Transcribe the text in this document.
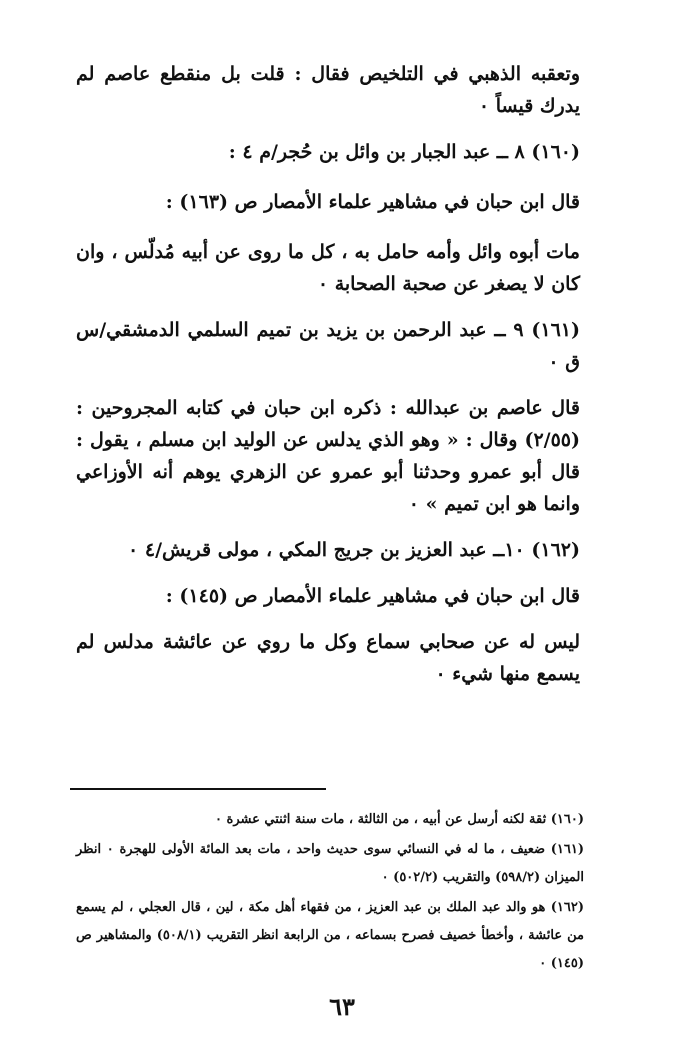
وتعقبه الذهبي في التلخيص فقال : قلت بل منقطع عاصم لم يدرك قيساً ٠

(١٦٠) ٨ ــ عبد الجبار بن وائل بن حُجر/م ٤ :

قال ابن حبان في مشاهير علماء الأمصار ص (١٦٣) :

مات أبوه وائل وأمه حامل به ، كل ما روى عن أبيه مُدلّس ، وان كان لا يصغر عن صحبة الصحابة ٠

(١٦١) ٩ ــ عبد الرحمن بن يزيد بن تميم السلمي الدمشقي/س ق ٠

قال عاصم بن عبدالله : ذكره ابن حبان في كتابه المجروحين : (٢/٥٥) وقال : « وهو الذي يدلس عن الوليد ابن مسلم ، يقول : قال أبو عمرو وحدثنا أبو عمرو عن الزهري يوهم أنه الأوزاعي وانما هو ابن تميم » ٠

(١٦٢) ١٠ــ عبد العزيز بن جريج المكي ، مولى قريش/٤ ٠

قال ابن حبان في مشاهير علماء الأمصار ص (١٤٥) :

ليس له عن صحابي سماع وكل ما روي عن عائشة مدلس لم يسمع منها شيء ٠

(١٦٠) ثقة لكنه أرسل عن أبيه ، من الثالثة ، مات سنة اثنتي عشرة ٠

(١٦١) ضعيف ، ما له في النسائي سوى حديث واحد ، مات بعد المائة الأولى للهجرة ٠ انظر الميزان (٥٩٨/٢) والتقريب (٥٠٢/٢) ٠

(١٦٢) هو والد عبد الملك بن عبد العزيز ، من فقهاء أهل مكة ، لين ، قال العجلي ، لم يسمع من عائشة ، وأخطأ خصيف فصرح بسماعه ، من الرابعة انظر التقريب (٥٠٨/١) والمشاهير ص (١٤٥) ٠

٦٣
